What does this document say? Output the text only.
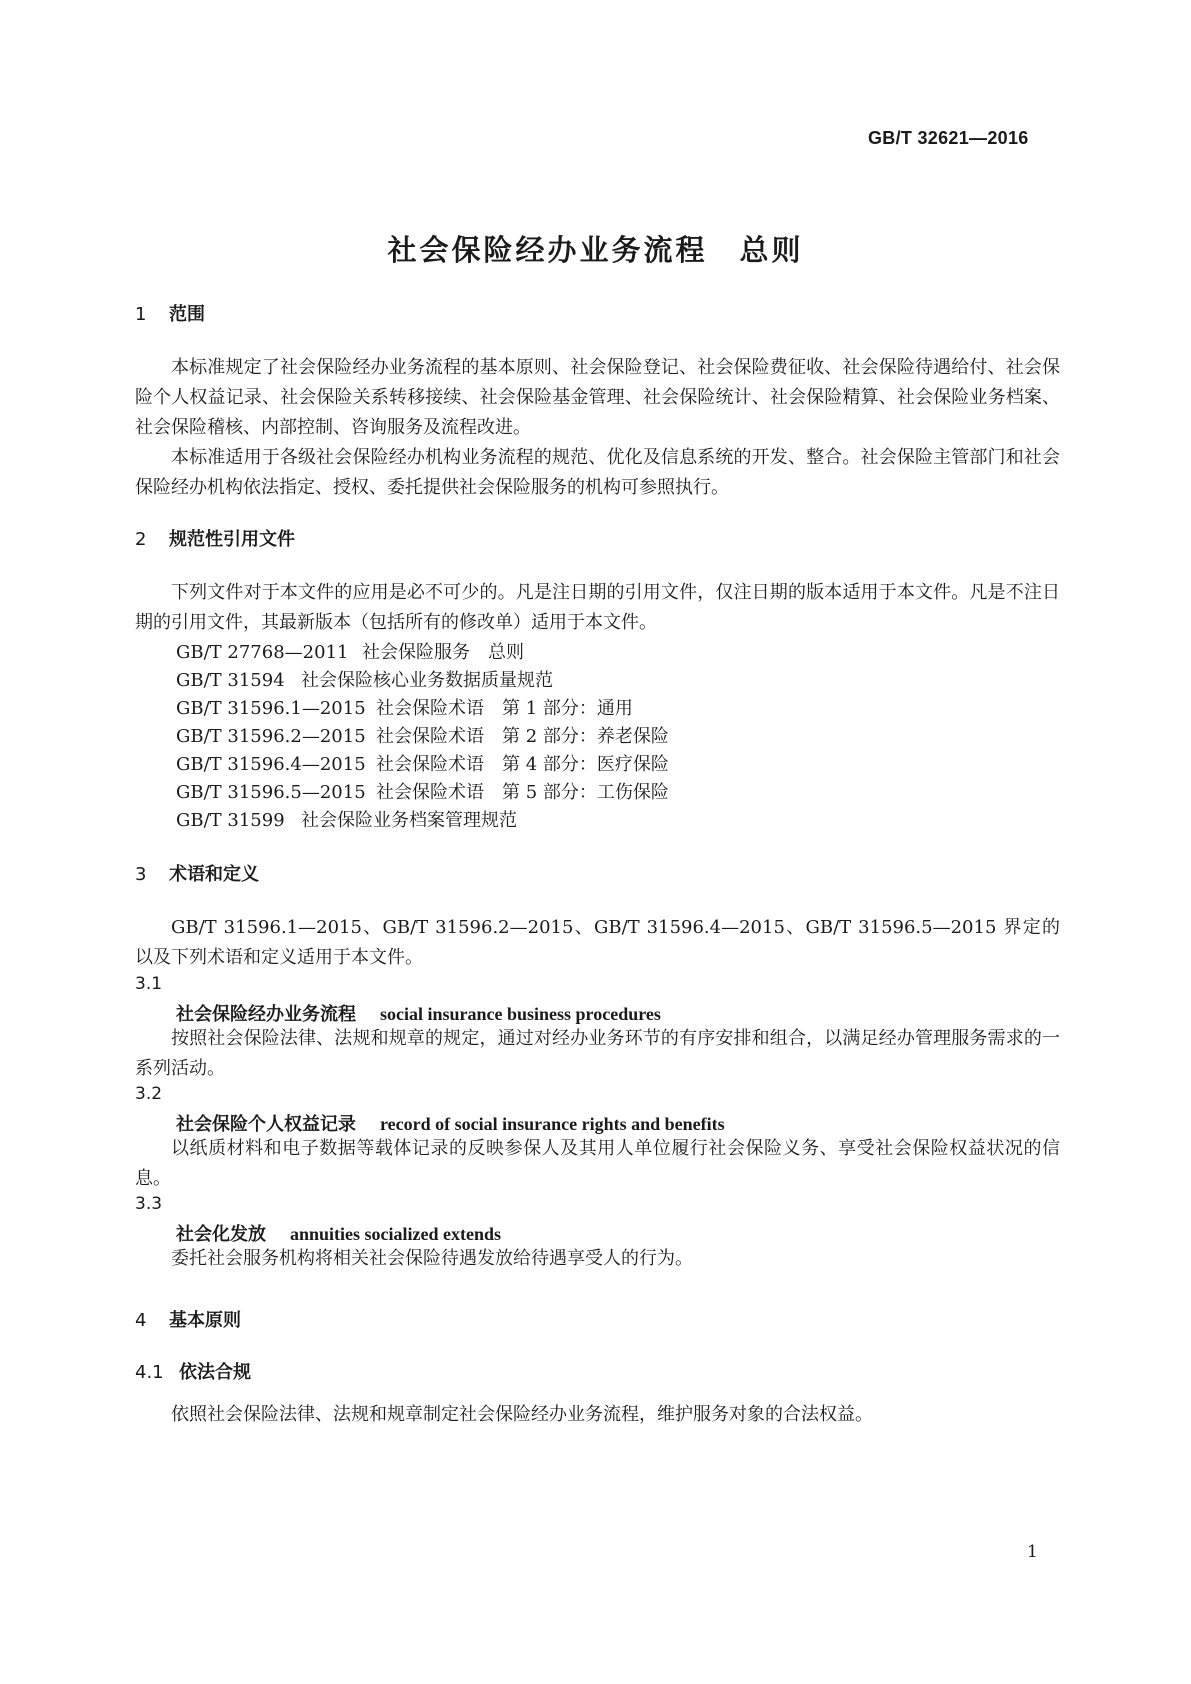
GB/T 32621—2016
社会保险经办业务流程　总则
1 范围
本标准规定了社会保险经办业务流程的基本原则、社会保险登记、社会保险费征收、社会保险待遇给付、社会保险个人权益记录、社会保险关系转移接续、社会保险基金管理、社会保险统计、社会保险精算、社会保险业务档案、社会保险稽核、内部控制、咨询服务及流程改进。
本标准适用于各级社会保险经办机构业务流程的规范、优化及信息系统的开发、整合。社会保险主管部门和社会保险经办机构依法指定、授权、委托提供社会保险服务的机构可参照执行。
2 规范性引用文件
下列文件对于本文件的应用是必不可少的。凡是注日期的引用文件，仅注日期的版本适用于本文件。凡是不注日期的引用文件，其最新版本（包括所有的修改单）适用于本文件。
GB/T 27768—2011 社会保险服务　总则
GB/T 31594 社会保险核心业务数据质量规范
GB/T 31596.1—2015 社会保险术语　第 1 部分：通用
GB/T 31596.2—2015 社会保险术语　第 2 部分：养老保险
GB/T 31596.4—2015 社会保险术语　第 4 部分：医疗保险
GB/T 31596.5—2015 社会保险术语　第 5 部分：工伤保险
GB/T 31599 社会保险业务档案管理规范
3 术语和定义
GB/T 31596.1—2015、GB/T 31596.2—2015、GB/T 31596.4—2015、GB/T 31596.5—2015 界定的以及下列术语和定义适用于本文件。
3.1
社会保险经办业务流程 social insurance business procedures
按照社会保险法律、法规和规章的规定，通过对经办业务环节的有序安排和组合，以满足经办管理服务需求的一系列活动。
3.2
社会保险个人权益记录 record of social insurance rights and benefits
以纸质材料和电子数据等载体记录的反映参保人及其用人单位履行社会保险义务、享受社会保险权益状况的信息。
3.3
社会化发放 annuities socialized extends
委托社会服务机构将相关社会保险待遇发放给待遇享受人的行为。
4 基本原则
4.1 依法合规
依照社会保险法律、法规和规章制定社会保险经办业务流程，维护服务对象的合法权益。
1
